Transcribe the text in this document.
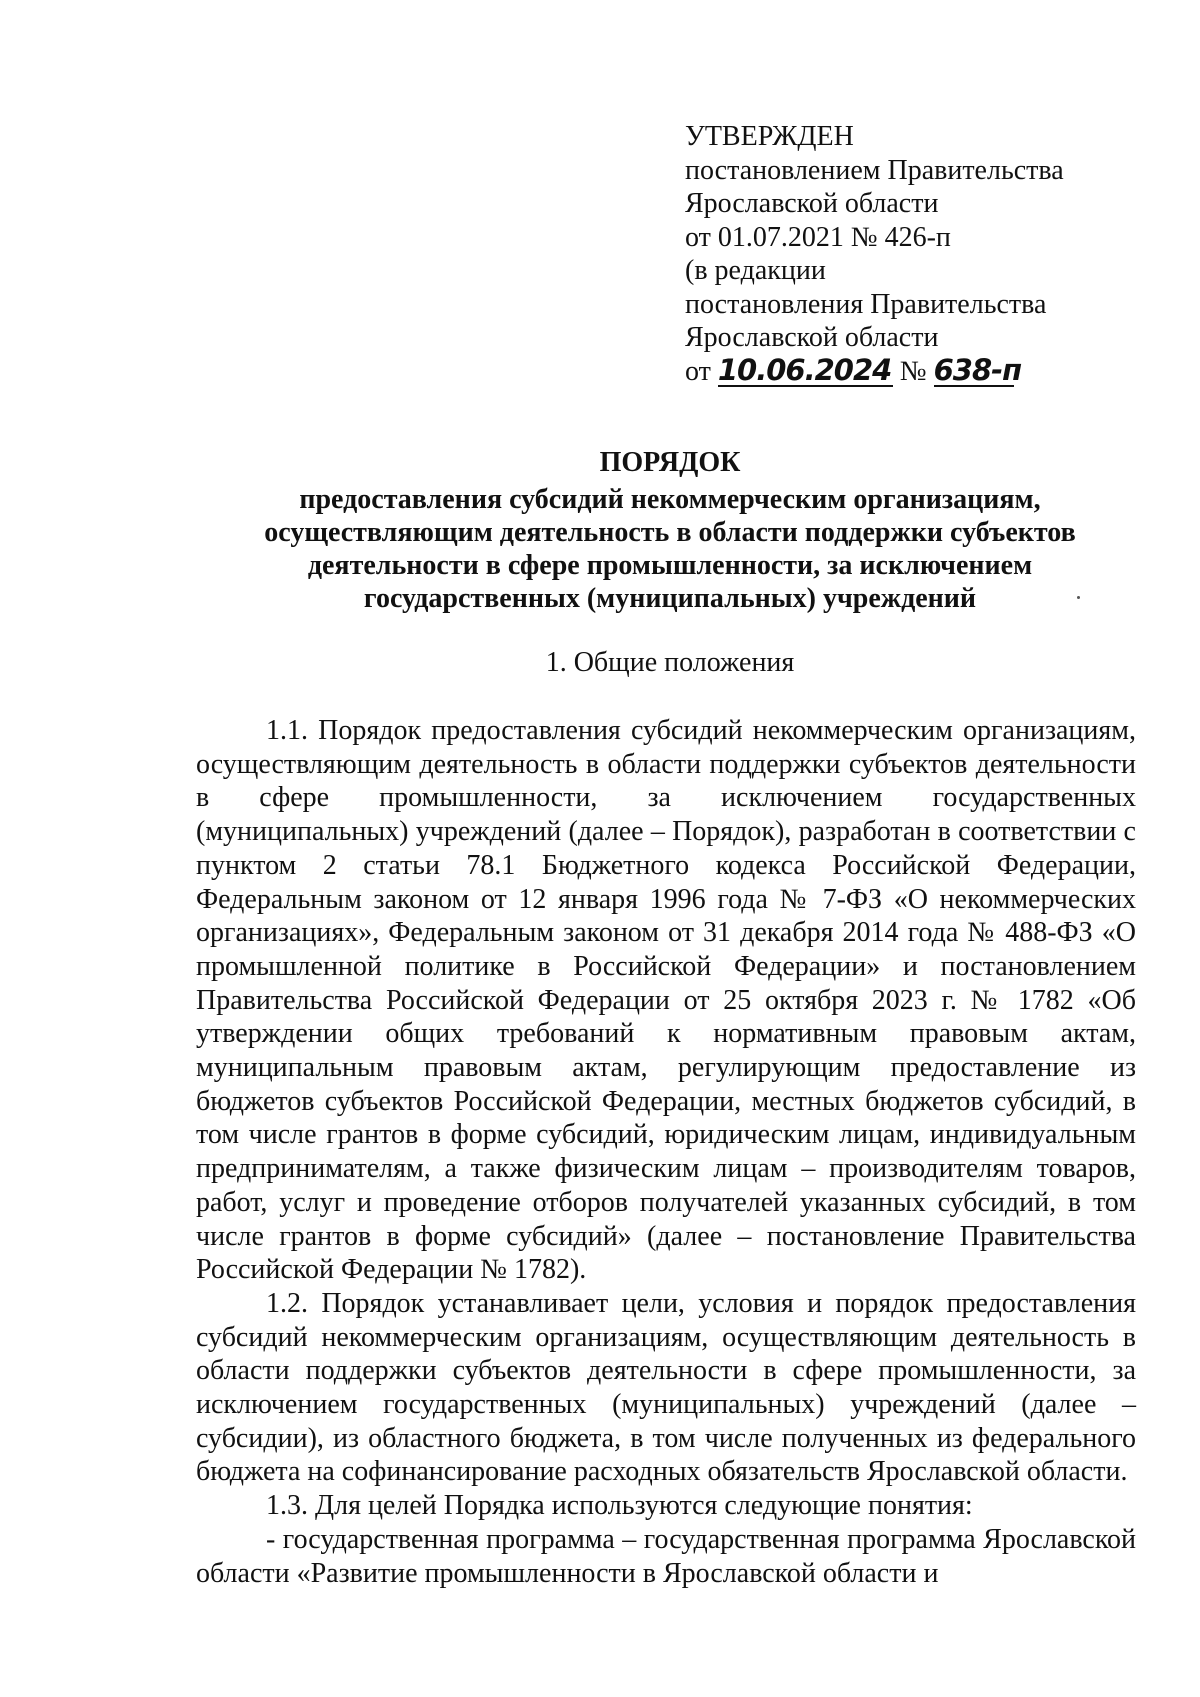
УТВЕРЖДЕН
постановлением Правительства
Ярославской области
от 01.07.2021 № 426-п
(в редакции
постановления Правительства
Ярославской области
от 10.06.2024 № 638-п
ПОРЯДОК
предоставления субсидий некоммерческим организациям,
осуществляющим деятельность в области поддержки субъектов
деятельности в сфере промышленности, за исключением
государственных (муниципальных) учреждений
1. Общие положения

1.1. Порядок предоставления субсидий некоммерческим организациям, осуществляющим деятельность в области поддержки субъектов деятельности в сфере промышленности, за исключением государственных (муниципальных) учреждений (далее – Порядок), разработан в соответствии с пунктом 2 статьи 78.1 Бюджетного кодекса Российской Федерации, Федеральным законом от 12 января 1996 года № 7-ФЗ «О некоммерческих организациях», Федеральным законом от 31 декабря 2014 года № 488-ФЗ «О промышленной политике в Российской Федерации» и постановлением Правительства Российской Федерации от 25 октября 2023 г. № 1782 «Об утверждении общих требований к нормативным правовым актам, муниципальным правовым актам, регулирующим предоставление из бюджетов субъектов Российской Федерации, местных бюджетов субсидий, в том числе грантов в форме субсидий, юридическим лицам, индивидуальным предпринимателям, а также физическим лицам – производителям товаров, работ, услуг и проведение отборов получателей указанных субсидий, в том числе грантов в форме субсидий» (далее – постановление Правительства Российской Федерации № 1782).

1.2. Порядок устанавливает цели, условия и порядок предоставления субсидий некоммерческим организациям, осуществляющим деятельность в области поддержки субъектов деятельности в сфере промышленности, за исключением государственных (муниципальных) учреждений (далее – субсидии), из областного бюджета, в том числе полученных из федерального бюджета на софинансирование расходных обязательств Ярославской области.

1.3. Для целей Порядка используются следующие понятия:

- государственная программа – государственная программа Ярославской области «Развитие промышленности в Ярославской области и
